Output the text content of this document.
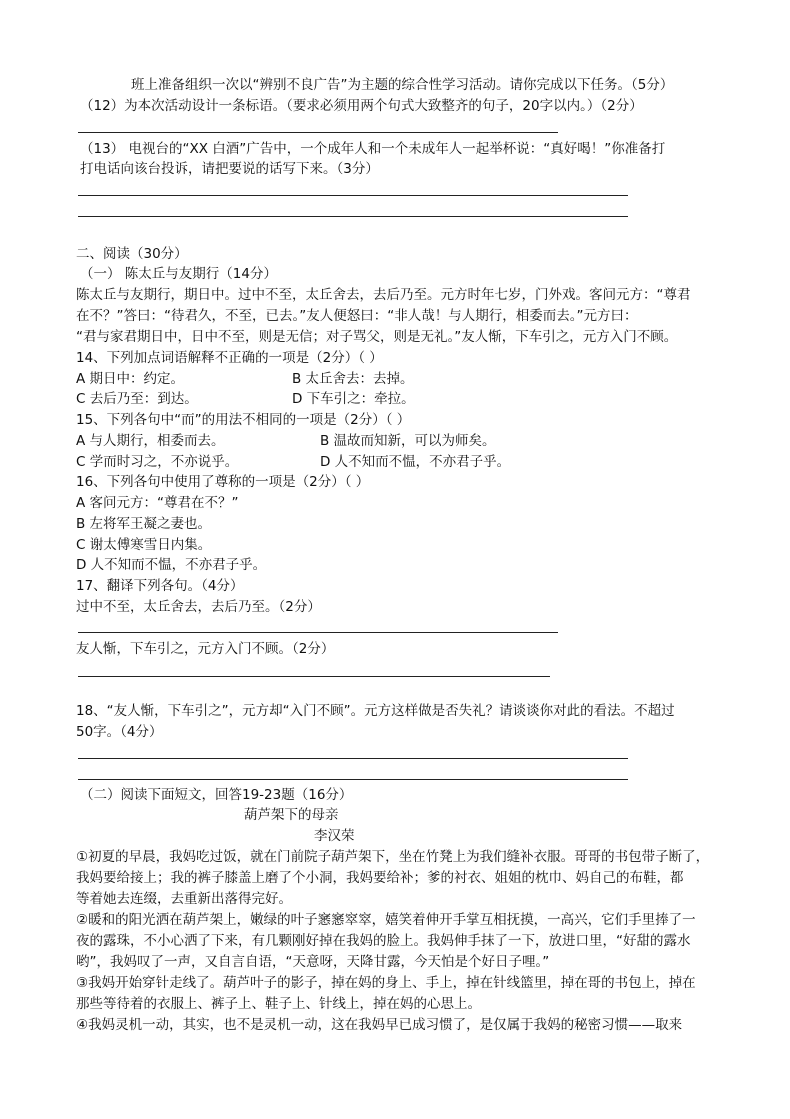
班上准备组织一次以“辨别不良广告”为主题的综合性学习活动。请你完成以下任务。（5分）
（12）为本次活动设计一条标语。（要求必须用两个句式大致整齐的句子，20字以内。）（2分）
（13） 电视台的“XX 白酒”广告中，一个成年人和一个未成年人一起举杯说：“真好喝！”你准备打
打电话向该台投诉，请把要说的话写下来。（3分）
二、阅读（30分）
（一） 陈太丘与友期行（14分）
陈太丘与友期行，期日中。过中不至，太丘舍去，去后乃至。元方时年七岁，门外戏。客问元方：“尊君
在不？”答曰：“待君久，不至，已去。”友人便怒曰：“非人哉！与人期行，相委而去。”元方曰：
“君与家君期日中，日中不至，则是无信；对子骂父，则是无礼。”友人惭，下车引之，元方入门不顾。
14、下列加点词语解释不正确的一项是（2分）（ ）
A 期日中：约定。	B 太丘舍去：去掉。
C 去后乃至：到达。	D 下车引之：牵拉。
15、下列各句中“而”的用法不相同的一项是（2分）（ ）
A 与人期行，相委而去。	B 温故而知新，可以为师矣。
C 学而时习之，不亦说乎。	D 人不知而不愠，不亦君子乎。
16、下列各句中使用了尊称的一项是（2分）（ ）
A 客问元方：“尊君在不？”
B 左将军王凝之妻也。
C 谢太傅寒雪日内集。
D 人不知而不愠，不亦君子乎。
17、翻译下列各句。（4分）
过中不至，太丘舍去，去后乃至。（2分）
友人惭，下车引之，元方入门不顾。（2分）
18、“友人惭，下车引之”，元方却“入门不顾”。元方这样做是否失礼？请谈谈你对此的看法。不超过
50字。（4分）
（二）阅读下面短文，回答19-23题（16分）
葫芦架下的母亲
李汉荣
①初夏的早晨，我妈吃过饭，就在门前院子葫芦架下，坐在竹凳上为我们缝补衣服。哥哥的书包带子断了，
我妈要给接上；我的裤子膝盖上磨了个小洞，我妈要给补；爹的衬衣、姐姐的枕巾、妈自己的布鞋，都
等着她去连缀，去重新出落得完好。
②暖和的阳光洒在葫芦架上，嫩绿的叶子窸窸窣窣，嬉笑着伸开手掌互相抚摸，一高兴，它们手里捧了一
夜的露珠，不小心洒了下来，有几颗刚好掉在我妈的脸上。我妈伸手抹了一下，放进口里，“好甜的露水
哟”，我妈叹了一声，又自言自语，“天意呀，天降甘露，今天怕是个好日子哩。”
③我妈开始穿针走线了。葫芦叶子的影子，掉在妈的身上、手上，掉在针线篮里，掉在哥的书包上，掉在
那些等待着的衣服上、裤子上、鞋子上、针线上，掉在妈的心思上。
④我妈灵机一动，其实，也不是灵机一动，这在我妈早已成习惯了，是仅属于我妈的秘密习惯——取来
